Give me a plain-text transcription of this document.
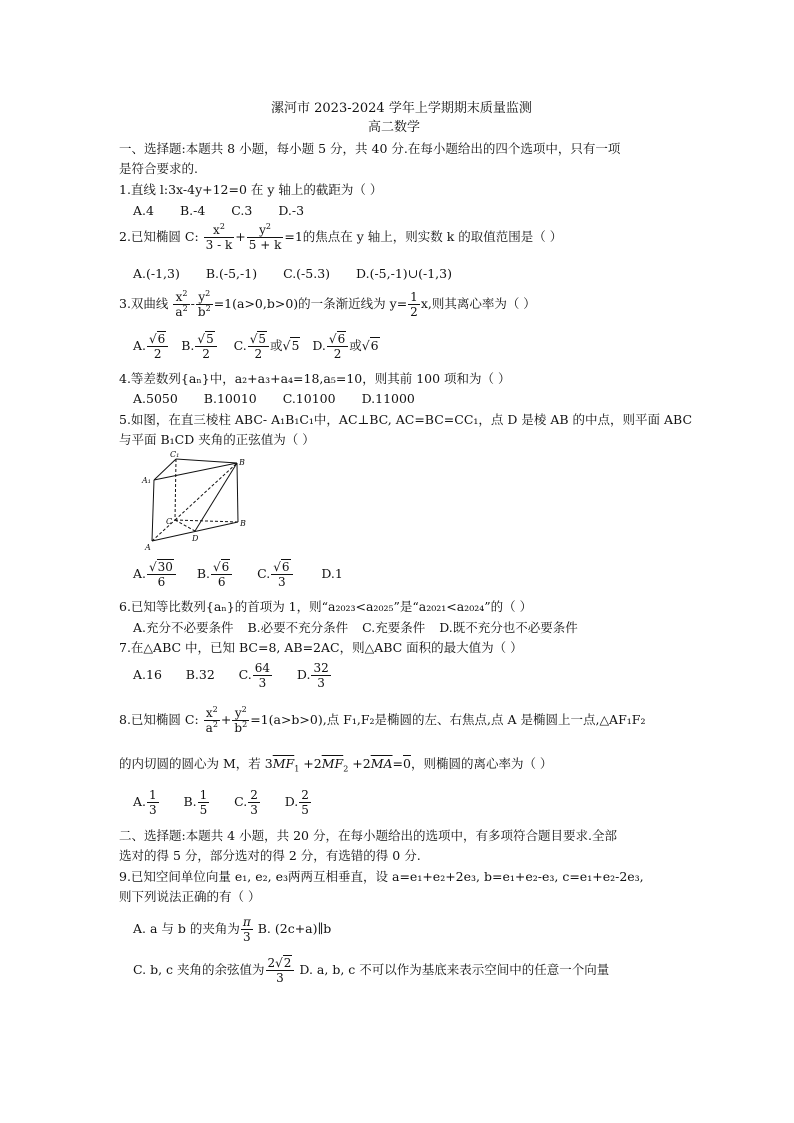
漯河市 2023-2024 学年上学期期末质量监测
高二数学
一、选择题:本题共 8 小题，每小题 5 分，共 40 分.在每小题给出的四个选项中，只有一项
是符合要求的.
1.直线 l:3x-4y+12=0 在 y 轴上的截距为（ ）
A.4 B.-4 C.3 D.-3
2.已知椭圆 C: $\frac{x^2}{3 - k} + \frac{y^2}{5 + k} =1$的焦点在 y 轴上，则实数 k 的取值范围是（ ）
A.(-1,3) B.(-5,-1) C.(-5.3) D.(-5,-1)∪(-1,3)
3.双曲线 $\frac{x^2}{a^2} - \frac{y^2}{b^2} =1(a>0,b>0)$的一条渐近线为 $y= \frac{1}{2} x$,则其离心率为（ ）
A. $\frac{√6}{2} B$. $\frac{√5}{2} C$. $\frac{√5}{2}$ 或√5   D. $\frac{√6}{2}$ 或√6
4.等差数列{aₙ}中，a₂+a₃+a₄=18,a₅=10，则其前 100 项和为（ ）
A.5050 B.10010 C.10100 D.11000
5.如图，在直三棱柱 ABC- A₁B₁C₁中，AC⊥BC, AC=BC=CC₁，点 D 是棱 AB 的中点，则平面 ABC
与平面 B₁CD 夹角的正弦值为（ ）
C₁
B
A₁
C
A
D
B
A. $\frac{√30}{6} B$. $\frac{√6}{6} C$. $\frac{√6}{3} D.1$
6.已知等比数列{aₙ}的首项为 1，则“a₂₀₂₃<a₂₀₂₅”是“a₂₀₂₁<a₂₀₂₄”的（ ）
A.充分不必要条件 B.必要不充分条件 C.充要条件 D.既不充分也不必要条件
7.在△ABC 中，已知 BC=8, AB=2AC，则△ABC 面积的最大值为（ ）
A.16 B.32      C. $\frac{64}{3} D$. $\frac{32}{3}$
8.已知椭圆 C: $\frac{x^2}{a^2} + \frac{y^2}{b^2} =1(a>b>0)$,点 F₁,F₂是椭圆的左、右焦点,点 A 是椭圆上一点,△AF₁F₂
的内切圆的圆心为 M，若 $3\overline{MF}_1 +2\overline{MF}_2 +2\overline{MA}=0$，则椭圆的离心率为（ ）
A. $\frac{1}{3} B$. $\frac{1}{5} C$. $\frac{2}{3} D$. $\frac{2}{5}$
二、选择题:本题共 4 小题，共 20 分，在每小题给出的选项中，有多项符合题目要求.全部
选对的得 5 分，部分选对的得 2 分，有选错的得 0 分.
9.已知空间单位向量 e₁, e₂, e₃两两互相垂直，设 a=e₁+e₂+2e₃, b=e₁+e₂-e₃, c=e₁+e₂-2e₃,
则下列说法正确的有（ ）
A. a 与 b 的夹角为 $\frac{\pi}{3} B$. (2c+a)∥b
C. b, c 夹角的余弦值为 $\frac{2√2}{3} D$. a, b, c 不可以作为基底来表示空间中的任意一个向量
